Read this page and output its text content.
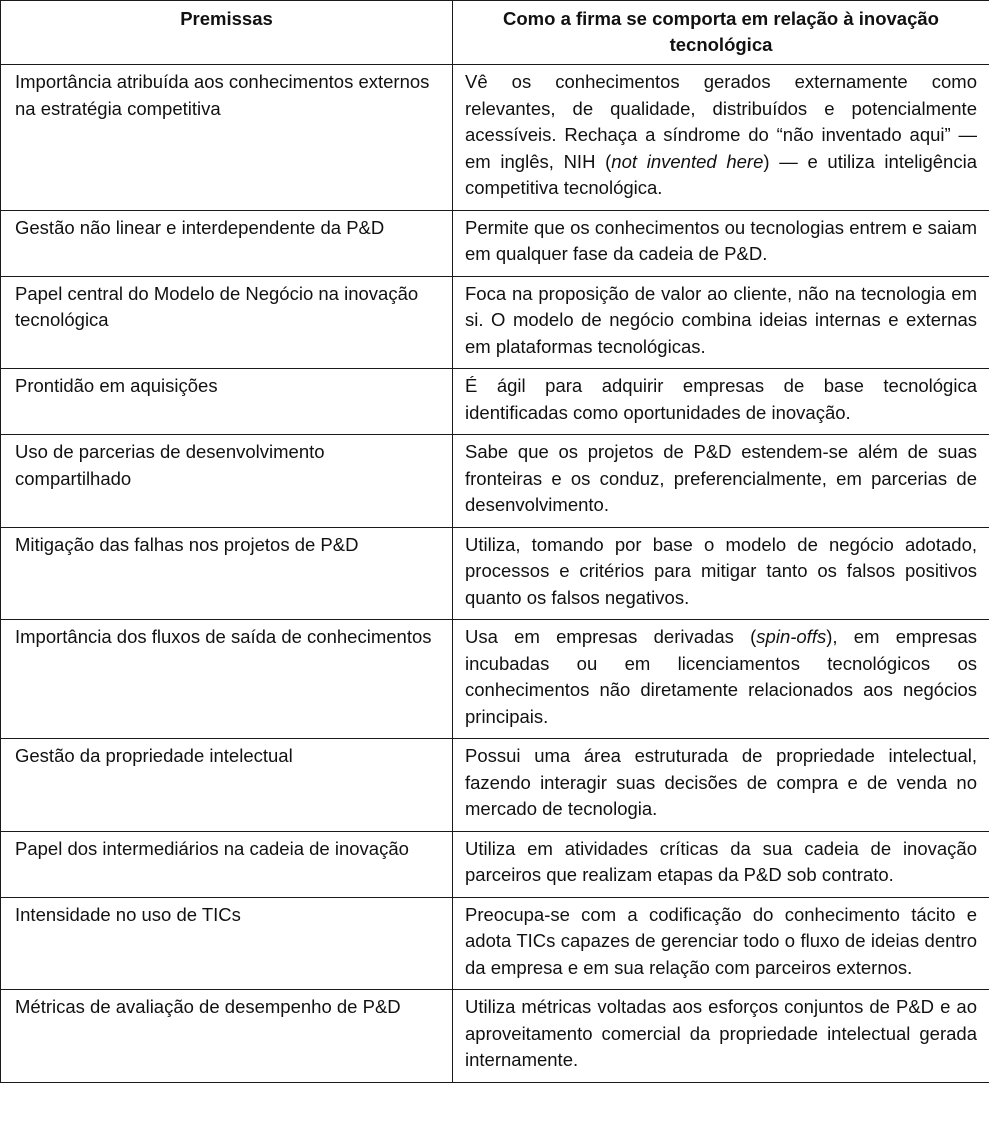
Premissas	Como a firma se comporta em relação à inovação tecnológica
Importância atribuída aos conhecimentos externos na estratégia competitiva	Vê os conhecimentos gerados externamente como relevantes, de qualidade, distribuídos e potencialmente acessíveis. Rechaça a síndrome do “não inventado aqui” — em inglês, NIH (not invented here) — e utiliza inteligência competitiva tecnológica.
Gestão não linear e interdependente da P&D	Permite que os conhecimentos ou tecnologias entrem e saiam em qualquer fase da cadeia de P&D.
Papel central do Modelo de Negócio na inovação tecnológica	Foca na proposição de valor ao cliente, não na tecnologia em si. O modelo de negócio combina ideias internas e externas em plataformas tecnológicas.
Prontidão em aquisições	É ágil para adquirir empresas de base tecnológica identificadas como oportunidades de inovação.
Uso de parcerias de desenvolvimento compartilhado	Sabe que os projetos de P&D estendem-se além de suas fronteiras e os conduz, preferencialmente, em parcerias de desenvolvimento.
Mitigação das falhas nos projetos de P&D	Utiliza, tomando por base o modelo de negócio adotado, processos e critérios para mitigar tanto os falsos positivos quanto os falsos negativos.
Importância dos fluxos de saída de conhecimentos	Usa em empresas derivadas (spin-offs), em empresas incubadas ou em licenciamentos tecnológicos os conhecimentos não diretamente relacionados aos negócios principais.
Gestão da propriedade intelectual	Possui uma área estruturada de propriedade intelectual, fazendo interagir suas decisões de compra e de venda no mercado de tecnologia.
Papel dos intermediários na cadeia de inovação	Utiliza em atividades críticas da sua cadeia de inovação parceiros que realizam etapas da P&D sob contrato.
Intensidade no uso de TICs	Preocupa-se com a codificação do conhecimento tácito e adota TICs capazes de gerenciar todo o fluxo de ideias dentro da empresa e em sua relação com parceiros externos.
Métricas de avaliação de desempenho de P&D	Utiliza métricas voltadas aos esforços conjuntos de P&D e ao aproveitamento comercial da propriedade intelectual gerada internamente.
